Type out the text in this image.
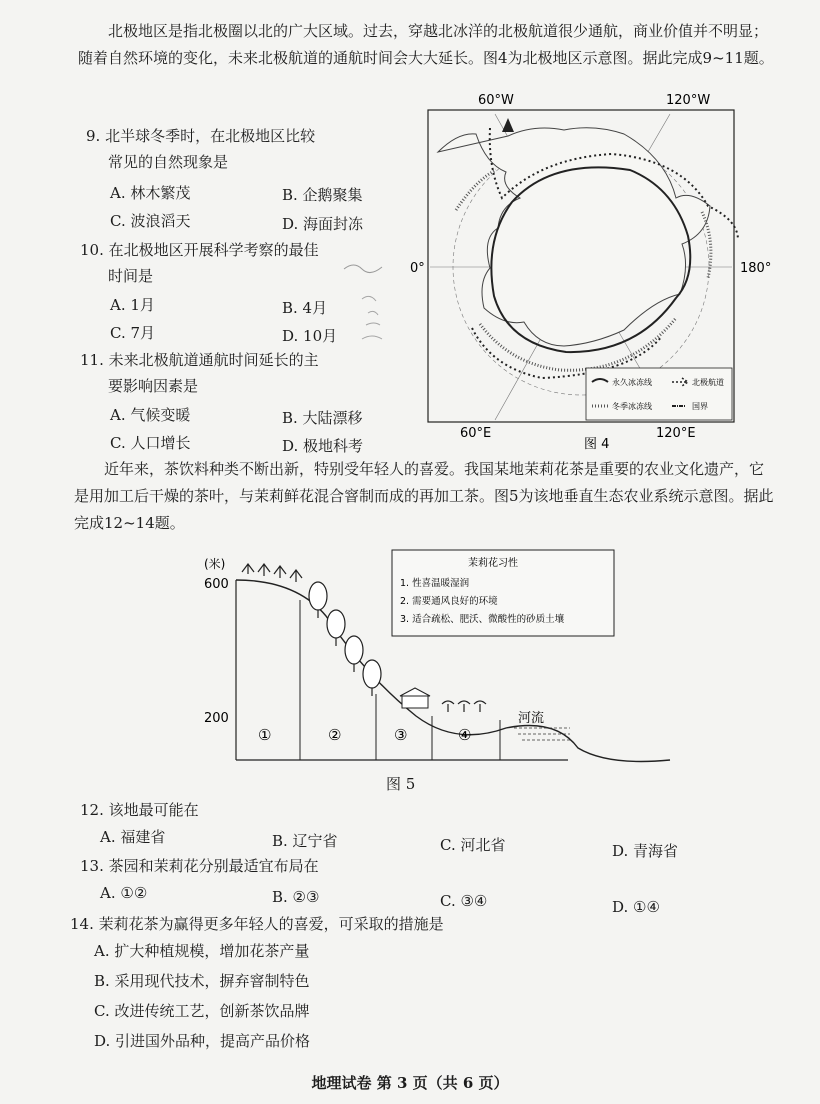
北极地区是指北极圈以北的广大区域。过去，穿越北冰洋的北极航道很少通航，商业价值并不明显；随着自然环境的变化，未来北极航道的通航时间会大大延长。图4为北极地区示意图。据此完成9~11题。
9. 北半球冬季时，在北极地区比较
常见的自然现象是
A. 林木繁茂	B. 企鹅聚集
C. 波浪滔天	D. 海面封冻
10. 在北极地区开展科学考察的最佳
时间是
A. 1月	B. 4月
C. 7月	D. 10月
11. 未来北极航道通航时间延长的主
要影响因素是
A. 气候变暖	B. 大陆漂移
C. 人口增长	D. 极地科考
60°W	120°W
0°	180°
60°E	120°E
图 4
永久冰冻线
冬季冰冻线
北极航道
国界
近年来，茶饮料种类不断出新，特别受年轻人的喜爱。我国某地茉莉花茶是重要的农业文化遗产，它是用加工后干燥的茶叶，与茉莉鲜花混合窨制而成的再加工茶。图5为该地垂直生态农业系统示意图。据此完成12~14题。
(米)
600
200
①	②	③	④
河流
茉莉花习性
1. 性喜温暖湿润
2. 需要通风良好的环境
3. 适合疏松、肥沃、微酸性的砂质土壤
图 5
12. 该地最可能在
A. 福建省	B. 辽宁省	C. 河北省	D. 青海省
13. 茶园和茉莉花分别最适宜布局在
A. ①②	B. ②③	C. ③④	D. ①④
14. 茉莉花茶为赢得更多年轻人的喜爱，可采取的措施是
A. 扩大种植规模，增加花茶产量
B. 采用现代技术，摒弃窨制特色
C. 改进传统工艺，创新茶饮品牌
D. 引进国外品种，提高产品价格
地理试卷 第 3 页（共 6 页）
